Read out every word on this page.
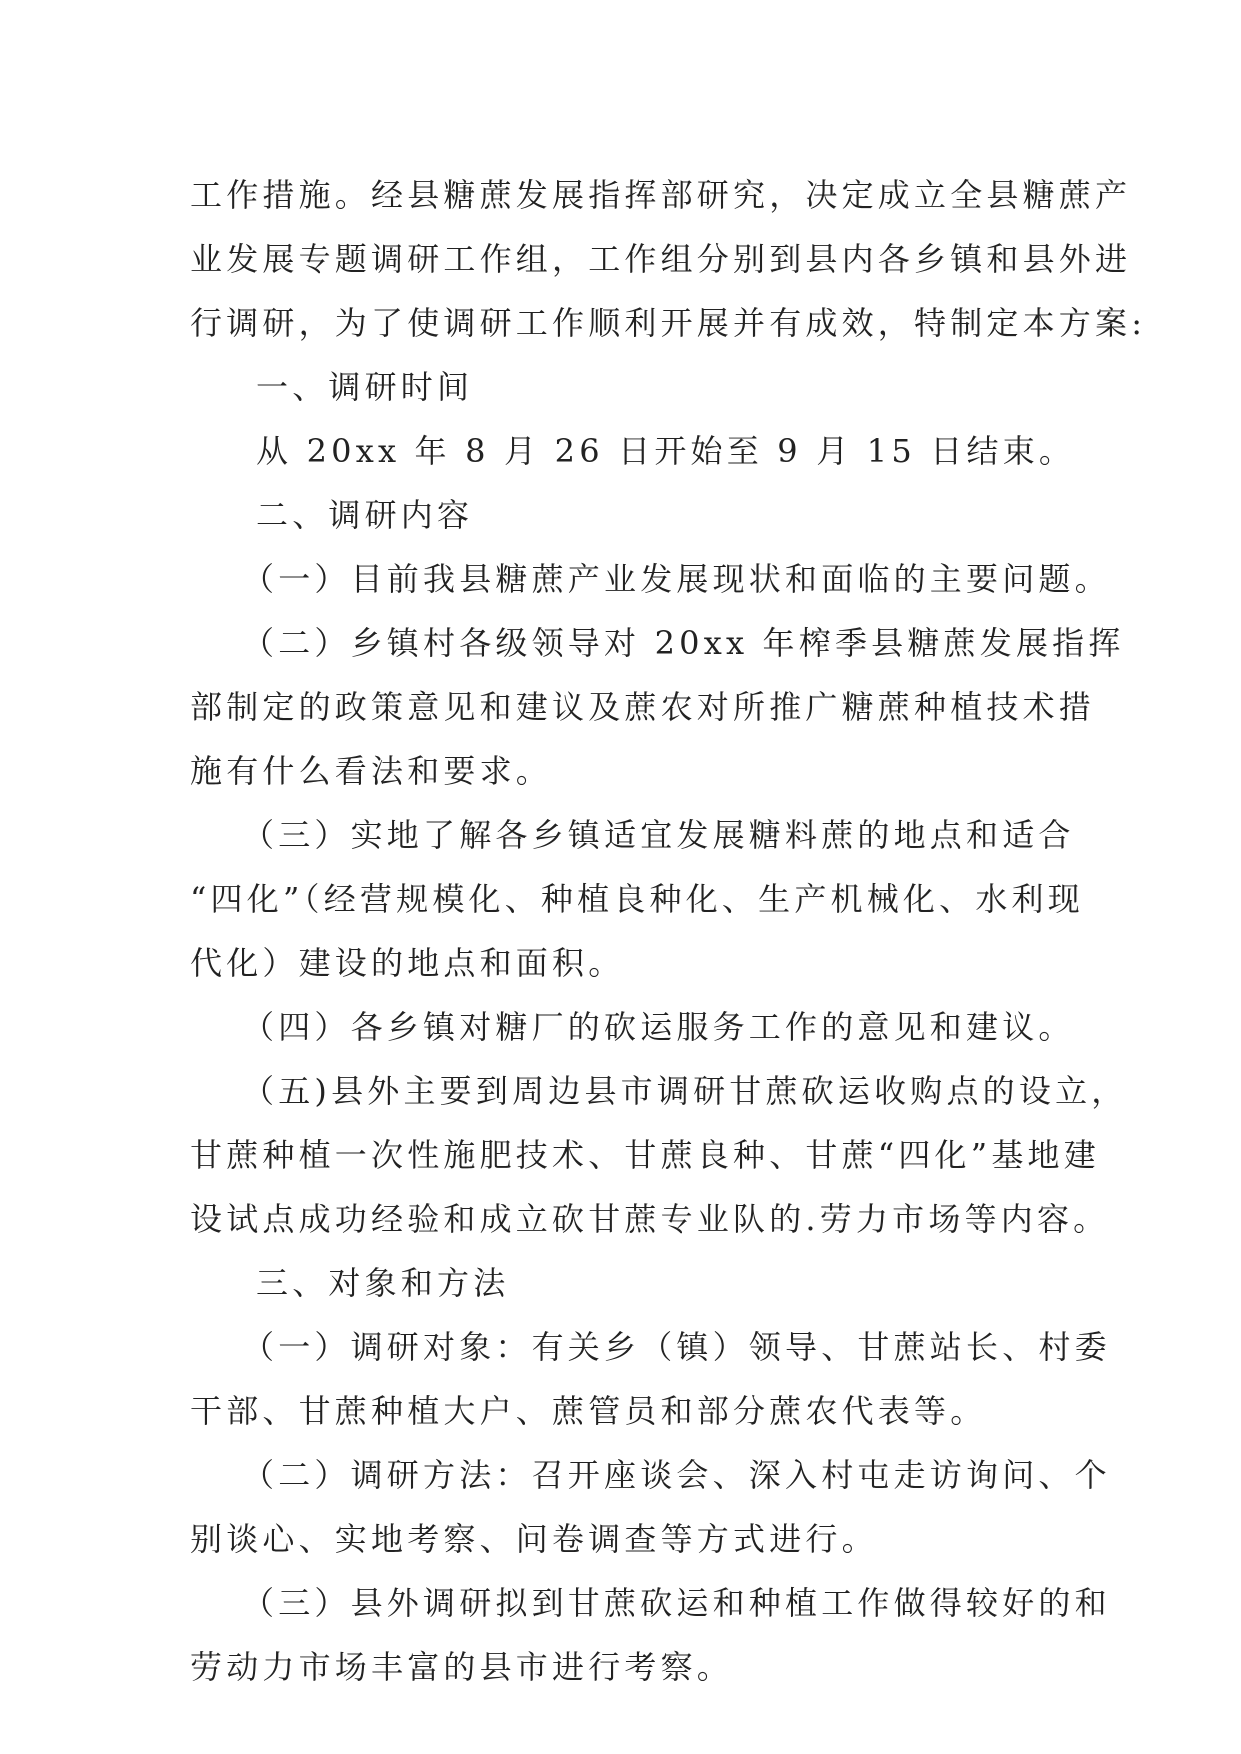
工作措施。经县糖蔗发展指挥部研究，决定成立全县糖蔗产
业发展专题调研工作组，工作组分别到县内各乡镇和县外进
行调研，为了使调研工作顺利开展并有成效，特制定本方案:
一、调研时间
从 20xx 年 8 月 26 日开始至 9 月 15 日结束。
二、调研内容
（一）目前我县糖蔗产业发展现状和面临的主要问题。
（二）乡镇村各级领导对 20xx 年榨季县糖蔗发展指挥
部制定的政策意见和建议及蔗农对所推广糖蔗种植技术措
施有什么看法和要求。
（三）实地了解各乡镇适宜发展糖料蔗的地点和适合
“四化”（经营规模化、种植良种化、生产机械化、水利现
代化）建设的地点和面积。
（四）各乡镇对糖厂的砍运服务工作的意见和建议。
（五)县外主要到周边县市调研甘蔗砍运收购点的设立，
甘蔗种植一次性施肥技术、甘蔗良种、甘蔗“四化”基地建
设试点成功经验和成立砍甘蔗专业队的.劳力市场等内容。
三、对象和方法
（一）调研对象：有关乡（镇）领导、甘蔗站长、村委
干部、甘蔗种植大户、蔗管员和部分蔗农代表等。
（二）调研方法：召开座谈会、深入村屯走访询问、个
别谈心、实地考察、问卷调查等方式进行。
（三）县外调研拟到甘蔗砍运和种植工作做得较好的和
劳动力市场丰富的县市进行考察。
